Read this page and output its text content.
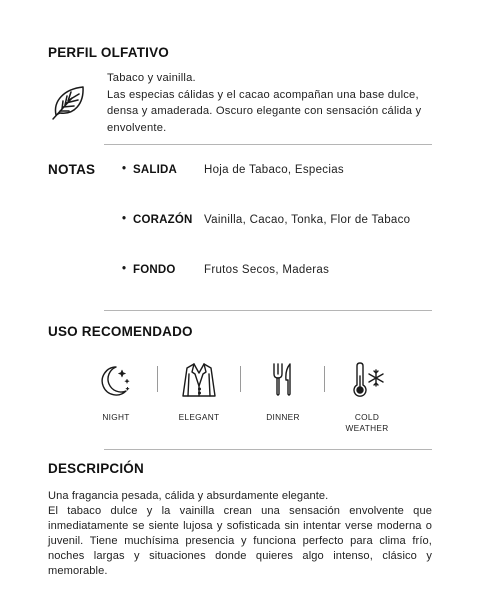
PERFIL OLFATIVO
Tabaco y vainilla.
Las especias cálidas y el cacao acompañan una base dulce, densa y amaderada. Oscuro elegante con sensación cálida y envolvente.
NOTAS • SALIDA Hoja de Tabaco, Especias
• CORAZÓN Vainilla, Cacao, Tonka, Flor de Tabaco
• FONDO Frutos Secos, Maderas
USO RECOMENDADO
NIGHT	ELEGANT	DINNER	COLD WEATHER
DESCRIPCIÓN

Una fragancia pesada, cálida y absurdamente elegante.

El tabaco dulce y la vainilla crean una sensación envolvente que inmediatamente se siente lujosa y sofisticada sin intentar verse moderna o juvenil. Tiene muchísima presencia y funciona perfecto para clima frío, noches largas y situaciones donde quieres algo intenso, clásico y memorable.
